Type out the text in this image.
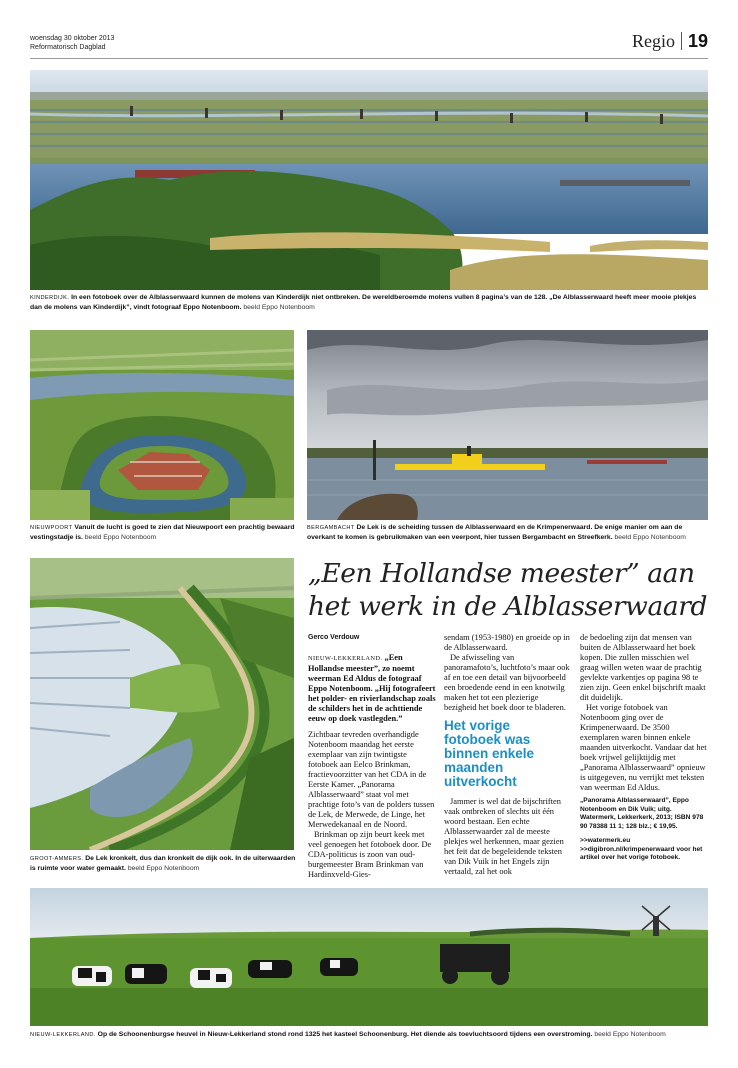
woensdag 30 oktober 2013
Reformatorisch Dagblad	Regio 19
KINDERDIJK. In een fotoboek over de Alblasserwaard kunnen de molens van Kinderdijk niet ontbreken. De wereldberoemde molens vullen 8 pagina’s van de 128. „De Alblasserwaard heeft meer mooie plekjes dan de molens van Kinderdijk”, vindt fotograaf Eppo Notenboom. beeld Eppo Notenboom
NIEUWPOORT Vanuit de lucht is goed te zien dat Nieuwpoort een prachtig bewaard vestingstadje is. beeld Eppo Notenboom
BERGAMBACHT De Lek is de scheiding tussen de Alblasserwaard en de Krimpenerwaard. De enige manier om aan de overkant te komen is gebruikmaken van een veerpont, hier tussen Bergambacht en Streefkerk. beeld Eppo Notenboom
GROOT-AMMERS. De Lek kronkelt, dus dan kronkelt de dijk ook. In de uiterwaarden is ruimte voor water gemaakt. beeld Eppo Notenboom
„Een Hollandse meester” aan het werk in de Alblasserwaard
Gerco Verdouw

NIEUW-LEKKERLAND. „Een Hollandse meester”, zo noemt weerman Ed Aldus de fotograaf Eppo Notenboom. „Hij fotografeert het polder- en rivierlandschap zoals de schilders het in de achttiende eeuw op doek vastlegden.”

Zichtbaar tevreden overhandigde Notenboom maandag het eerste exemplaar van zijn twintigste fotoboek aan Eelco Brinkman, fractievoorzitter van het CDA in de Eerste Kamer. „Panorama Alblasserwaard” staat vol met prachtige foto’s van de polders tussen de Lek, de Merwede, de Linge, het Merwedekanaal en de Noord.

Brinkman op zijn beurt keek met veel genoegen het fotoboek door. De CDA-politicus is zoon van oud-burgemeester Bram Brinkman van Hardinxveld-Gies-

sendam (1953-1980) en groeide op in de Alblasserwaard.

De afwisseling van panoramafoto’s, luchtfoto’s maar ook af en toe een detail van bijvoorbeeld een broedende eend in een knotwilg maken het tot een plezierige bezigheid het boek door te bladeren.

Het vorige fotoboek was binnen enkele maanden uitverkocht

Jammer is wel dat de bijschriften vaak ontbreken of slechts uit één woord bestaan. Een echte Alblasserwaarder zal de meeste plekjes wel herkennen, maar gezien het feit dat de begeleidende teksten van Dik Vuik in het Engels zijn vertaald, zal het ook

de bedoeling zijn dat mensen van buiten de Alblasserwaard het boek kopen. Die zullen misschien wel graag willen weten waar de prachtig gevlekte varkentjes op pagina 98 te zien zijn. Geen enkel bijschrift maakt dit duidelijk.

Het vorige fotoboek van Notenboom ging over de Krimpenerwaard. De 3500 exemplaren waren binnen enkele maanden uitverkocht. Vandaar dat het boek vrijwel gelijktijdig met „Panorama Alblasserwaard” opnieuw is uitgegeven, nu verrijkt met teksten van weerman Ed Aldus.

„Panorama Alblasserwaard”, Eppo Notenboom en Dik Vuik; uitg. Watermerk, Lekkerkerk, 2013; ISBN 978 90 78388 11 1; 128 blz.; € 19,95.
>>watermerk.eu
>>digibron.nl/krimpenerwaard voor het artikel over het vorige fotoboek.
NIEUW-LEKKERLAND. Op de Schoonenburgse heuvel in Nieuw-Lekkerland stond rond 1325 het kasteel Schoonenburg. Het diende als toevluchtsoord tijdens een overstroming. beeld Eppo Notenboom
